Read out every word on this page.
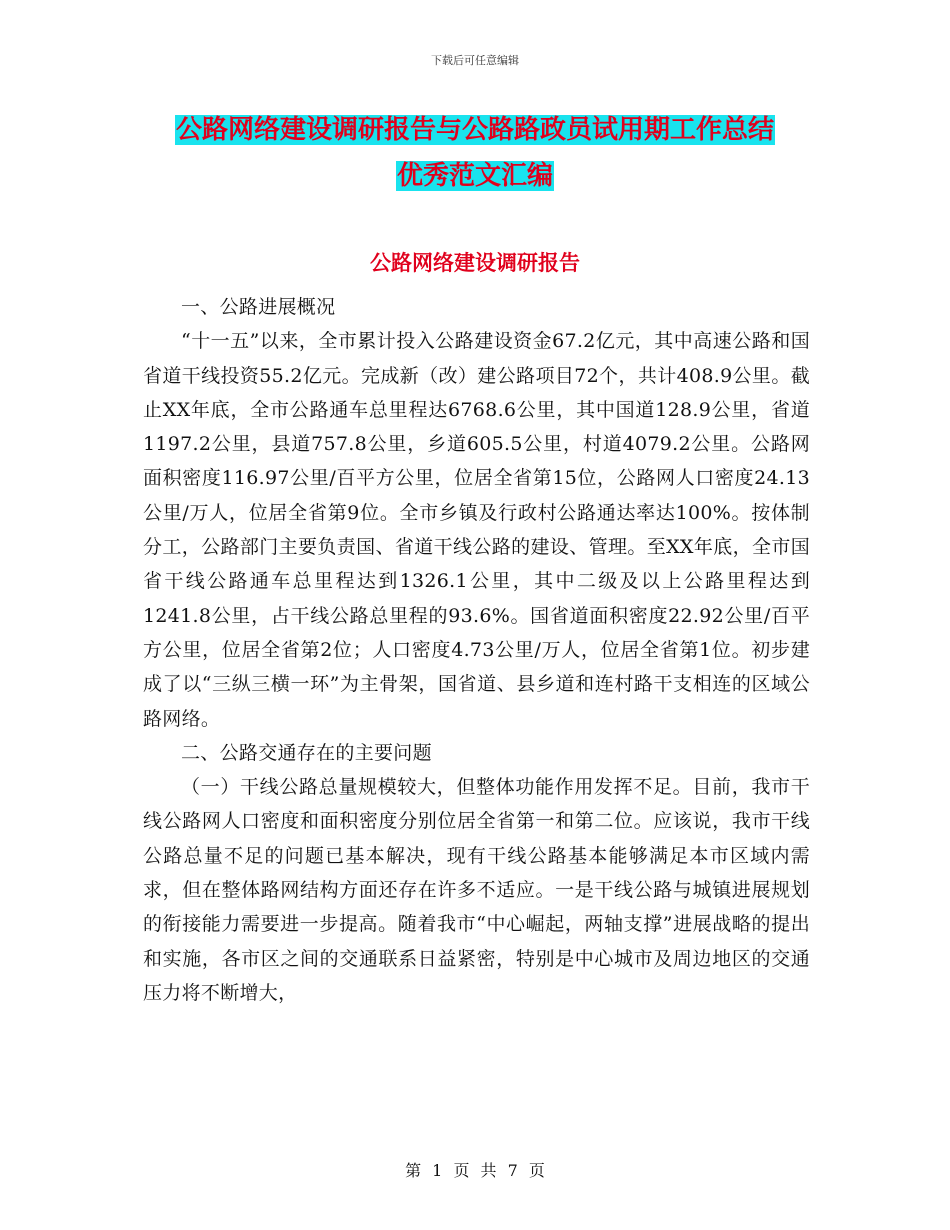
下载后可任意编辑
公路网络建设调研报告与公路路政员试用期工作总结
优秀范文汇编
公路网络建设调研报告

一、公路进展概况

“十一五”以来，全市累计投入公路建设资金67.2亿元，其中高速公路和国省道干线投资55.2亿元。完成新（改）建公路项目72个，共计408.9公里。截止XX年底，全市公路通车总里程达6768.6公里，其中国道128.9公里，省道1197.2公里，县道757.8公里，乡道605.5公里，村道4079.2公里。公路网面积密度116.97公里/百平方公里，位居全省第15位，公路网人口密度24.13公里/万人，位居全省第9位。全市乡镇及行政村公路通达率达100%。按体制分工，公路部门主要负责国、省道干线公路的建设、管理。至XX年底，全市国省干线公路通车总里程达到1326.1公里，其中二级及以上公路里程达到1241.8公里，占干线公路总里程的93.6%。国省道面积密度22.92公里/百平方公里，位居全省第2位；人口密度4.73公里/万人，位居全省第1位。初步建成了以“三纵三横一环”为主骨架，国省道、县乡道和连村路干支相连的区域公路网络。

二、公路交通存在的主要问题

（一）干线公路总量规模较大，但整体功能作用发挥不足。目前，我市干线公路网人口密度和面积密度分别位居全省第一和第二位。应该说，我市干线公路总量不足的问题已基本解决，现有干线公路基本能够满足本市区域内需求，但在整体路网结构方面还存在许多不适应。一是干线公路与城镇进展规划的衔接能力需要进一步提高。随着我市“中心崛起，两轴支撑”进展战略的提出和实施，各市区之间的交通联系日益紧密，特别是中心城市及周边地区的交通压力将不断增大，

第 1 页 共 7 页
